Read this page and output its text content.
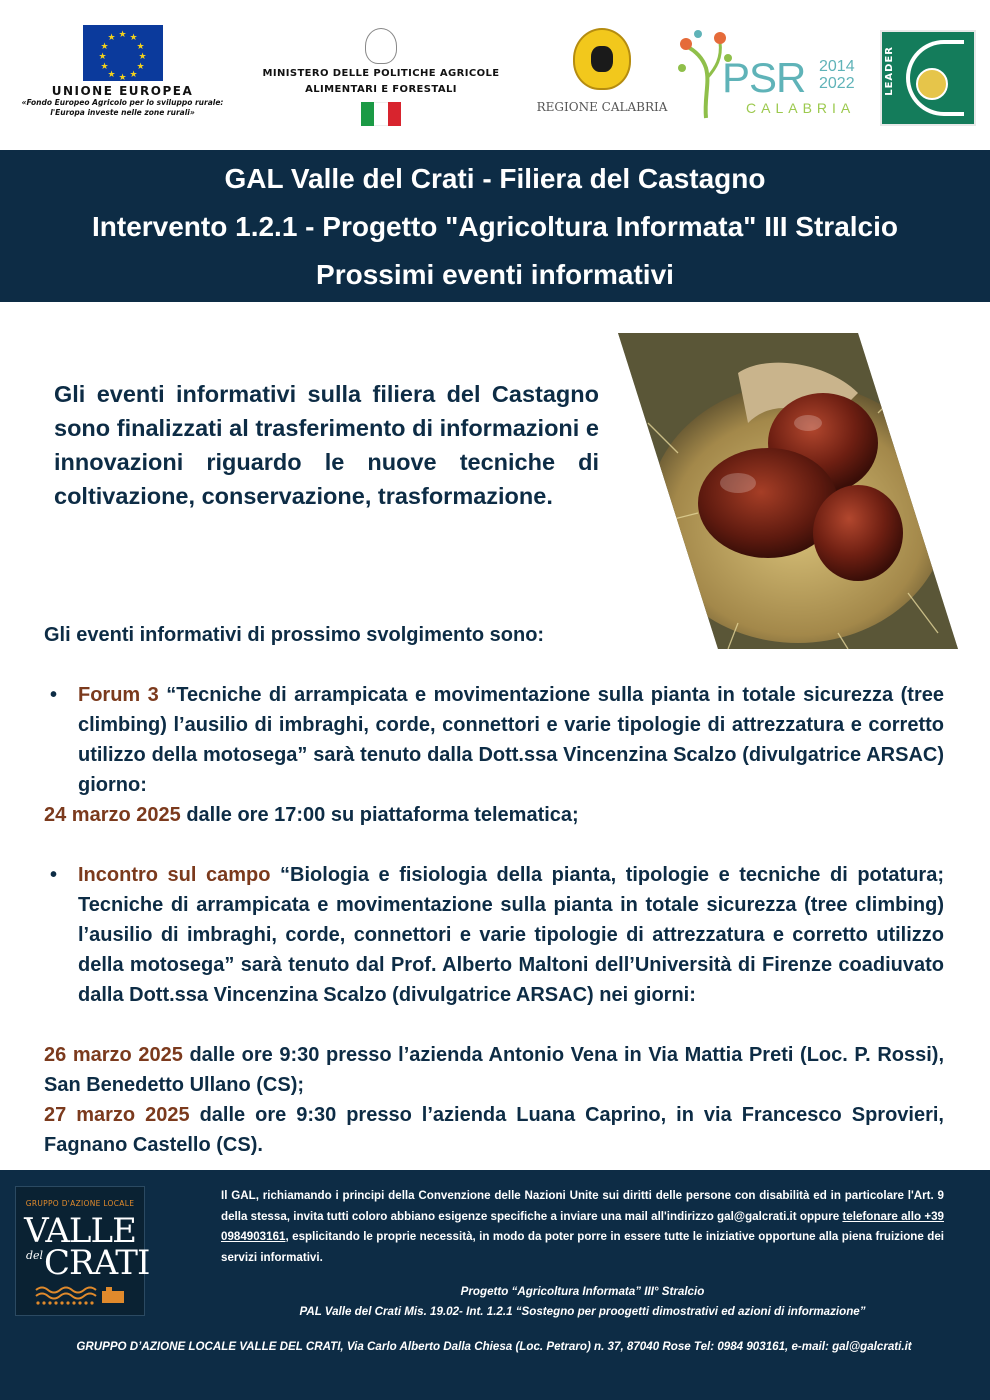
★ ★
★
★
★
★
★
★
★
★
★
★
UNIONE EUROPEA
«Fondo Europeo Agricolo per lo sviluppo rurale:
l'Europa investe nelle zone rurali»
MINISTERO DELLE POLITICHE AGRICOLE
ALIMENTARI E FORESTALI
REGIONE CALABRIA
PSR 2014
2022
CALABRIA
LEADER
GAL Valle del Crati - Filiera del Castagno
Intervento 1.2.1 - Progetto "Agricoltura Informata" III Stralcio
Prossimi eventi informativi
Gli eventi informativi sulla filiera del Castagno sono finalizzati al trasferimento di informazioni e innovazioni riguardo le nuove tecniche di coltivazione, conservazione, trasformazione.
Gli eventi informativi di prossimo svolgimento sono:
• Forum 3 “Tecniche di arrampicata e movimentazione sulla pianta in totale sicurezza (tree climbing) l’ausilio di imbraghi, corde, connettori e varie tipologie di attrezzatura e corretto utilizzo della motosega” sarà tenuto dalla Dott.ssa Vincenzina Scalzo (divulgatrice ARSAC) giorno:
24 marzo 2025 dalle ore 17:00 su piattaforma telematica;
• Incontro sul campo “Biologia e fisiologia della pianta, tipologie e tecniche di potatura; Tecniche di arrampicata e movimentazione sulla pianta in totale sicurezza (tree climbing) l’ausilio di imbraghi, corde, connettori e varie tipologie di attrezzatura e corretto utilizzo della motosega” sarà tenuto dal Prof. Alberto Maltoni dell’Università di Firenze coadiuvato dalla Dott.ssa Vincenzina Scalzo (divulgatrice ARSAC) nei giorni:
26 marzo 2025 dalle ore 9:30 presso l’azienda Antonio Vena in Via Mattia Preti (Loc. P. Rossi), San Benedetto Ullano (CS);
27 marzo 2025 dalle ore 9:30 presso l’azienda Luana Caprino, in via Francesco Sprovieri, Fagnano Castello (CS).
GRUPPO D'AZIONE LOCALE
VALLE
del CRATI
Il GAL, richiamando i principi della Convenzione delle Nazioni Unite sui diritti delle persone con disabilità ed in particolare l'Art. 9 della stessa, invita tutti coloro abbiano esigenze specifiche a inviare una mail all'indirizzo gal@galcrati.it oppure telefonare allo +39 0984903161, esplicitando le proprie necessità, in modo da poter porre in essere tutte le iniziative opportune alla piena fruizione dei servizi informativi.
Progetto “Agricoltura Informata” III° Stralcio
PAL Valle del Crati Mis. 19.02- Int. 1.2.1 “Sostegno per proogetti dimostrativi ed azioni di informazione”
GRUPPO D’AZIONE LOCALE VALLE DEL CRATI, Via Carlo Alberto Dalla Chiesa (Loc. Petraro) n. 37, 87040 Rose Tel: 0984 903161, e-mail: gal@galcrati.it
